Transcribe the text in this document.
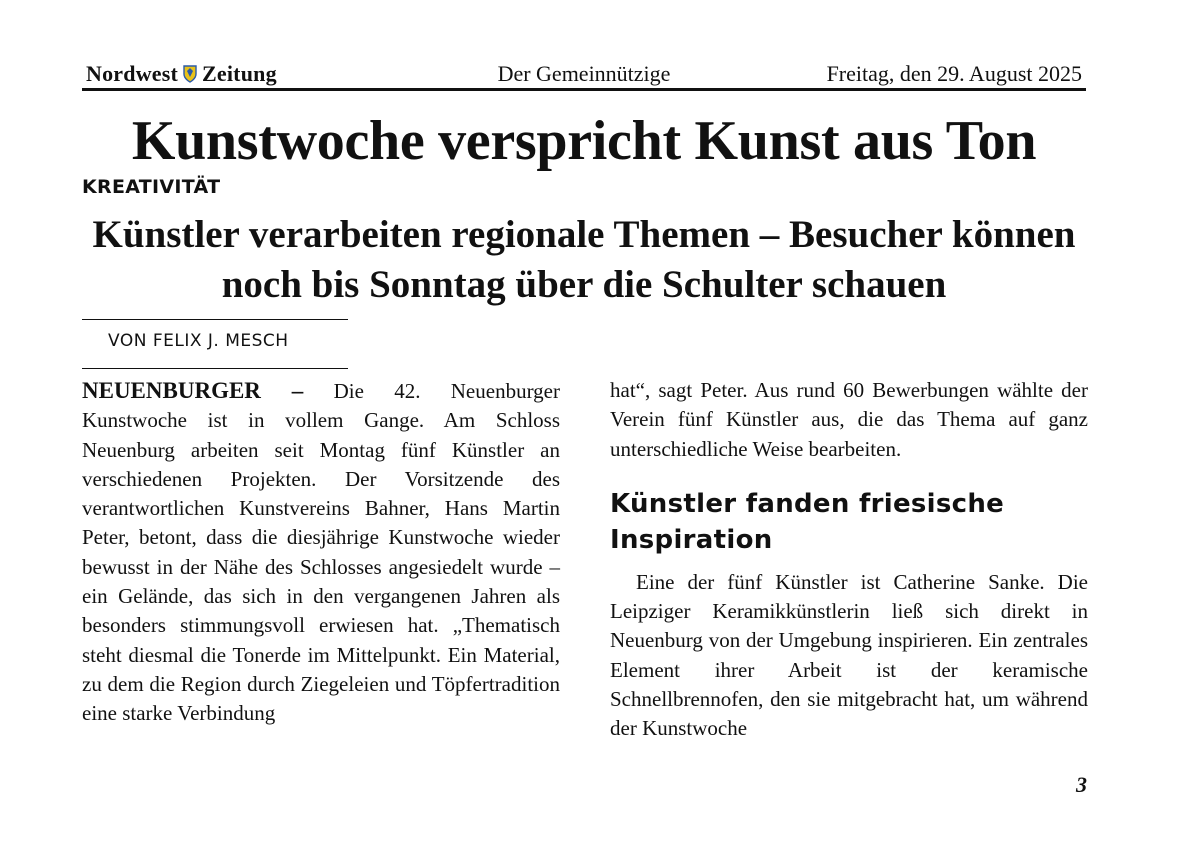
Nordwest Zeitung	Der Gemeinnützige	Freitag, den 29. August 2025
Kunstwoche verspricht Kunst aus Ton
KREATIVITÄT
Künstler verarbeiten regionale Themen – Besucher können noch bis Sonntag über die Schulter schauen
VON FELIX J. MESCH

NEUENBURGER – Die 42. Neuenburger Kunstwoche ist in vollem Gange. Am Schloss Neuenburg arbeiten seit Montag fünf Künstler an verschiedenen Projekten. Der Vorsitzende des verantwortlichen Kunstvereins Bahner, Hans Martin Peter, betont, dass die diesjährige Kunstwoche wieder bewusst in der Nähe des Schlosses angesiedelt wurde – ein Gelände, das sich in den vergangenen Jahren als besonders stimmungsvoll erwiesen hat. „Thematisch steht diesmal die Tonerde im Mittelpunkt. Ein Material, zu dem die Region durch Ziegeleien und Töpfertradition eine starke Verbindung

hat“, sagt Peter. Aus rund 60 Bewerbungen wählte der Verein fünf Künstler aus, die das Thema auf ganz unterschiedliche Weise bearbeiten.

Künstler fanden friesische Inspiration

Eine der fünf Künstler ist Catherine Sanke. Die Leipziger Keramikkünstlerin ließ sich direkt in Neuenburg von der Umgebung inspirieren. Ein zentrales Element ihrer Arbeit ist der keramische Schnellbrennofen, den sie mitgebracht hat, um während der Kunstwoche

3
